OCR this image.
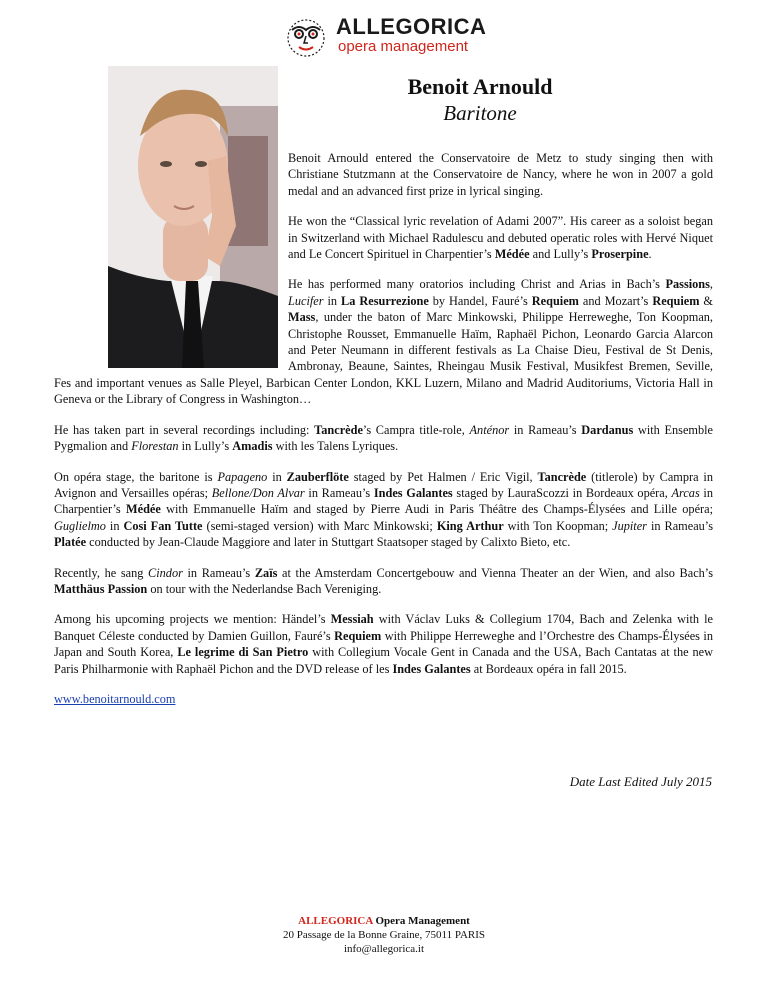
ALLEGORICA
opera management
Benoit Arnould
Baritone

Benoit Arnould entered the Conservatoire de Metz to study singing then with Christiane Stutzmann at the Conservatoire de Nancy, where he won in 2007 a gold medal and an advanced first prize in lyrical singing.

He won the “Classical lyric revelation of Adami 2007”. His career as a soloist began in Switzerland with Michael Radulescu and debuted operatic roles with Hervé Niquet and Le Concert Spirituel in Charpentier’s Médée and Lully’s Proserpine.

He has performed many oratorios including Christ and Arias in Bach’s Passions, Lucifer in La Resurrezione by Handel, Fauré’s Requiem and Mozart’s Requiem & Mass, under the baton of Marc Minkowski, Philippe Herreweghe, Ton Koopman, Christophe Rousset, Emmanuelle Haïm, Raphaël Pichon, Leonardo Garcia Alarcon and Peter Neumann in different festivals as La Chaise Dieu, Festival de St Denis, Ambronay, Beaune, Saintes, Rheingau Musik Festival, Musikfest Bremen, Seville, Fes and important venues as Salle Pleyel, Barbican Center London, KKL Luzern, Milano and Madrid Auditoriums, Victoria Hall in Geneva or the Library of Congress in Washington…

He has taken part in several recordings including: Tancrède’s Campra title-role, Anténor in Rameau’s Dardanus with Ensemble Pygmalion and Florestan in Lully’s Amadis with les Talens Lyriques.

On opéra stage, the baritone is Papageno in Zauberflöte staged by Pet Halmen / Eric Vigil, Tancrède (titlerole) by Campra in Avignon and Versailles opéras; Bellone/Don Alvar in Rameau’s Indes Galantes staged by LauraScozzi in Bordeaux opéra, Arcas in Charpentier’s Médée with Emmanuelle Haïm and staged by Pierre Audi in Paris Théâtre des Champs-Élysées and Lille opéra; Guglielmo in Cosi Fan Tutte (semi-staged version) with Marc Minkowski; King Arthur with Ton Koopman; Jupiter in Rameau’s Platée conducted by Jean-Claude Maggiore and later in Stuttgart Staatsoper staged by Calixto Bieto, etc.

Recently, he sang Cindor in Rameau’s Zaïs at the Amsterdam Concertgebouw and Vienna Theater an der Wien, and also Bach’s Matthäus Passion on tour with the Nederlandse Bach Vereniging.

Among his upcoming projects we mention: Händel’s Messiah with Václav Luks & Collegium 1704, Bach and Zelenka with le Banquet Céleste conducted by Damien Guillon, Fauré’s Requiem with Philippe Herreweghe and l’Orchestre des Champs-Élysées in Japan and South Korea, Le legrime di San Pietro with Collegium Vocale Gent in Canada and the USA, Bach Cantatas at the new Paris Philharmonie with Raphaël Pichon and the DVD release of les Indes Galantes at Bordeaux opéra in fall 2015.

www.benoitarnould.com

Date Last Edited July 2015
ALLEGORICA Opera Management
20 Passage de la Bonne Graine, 75011 PARIS
info@allegorica.it
